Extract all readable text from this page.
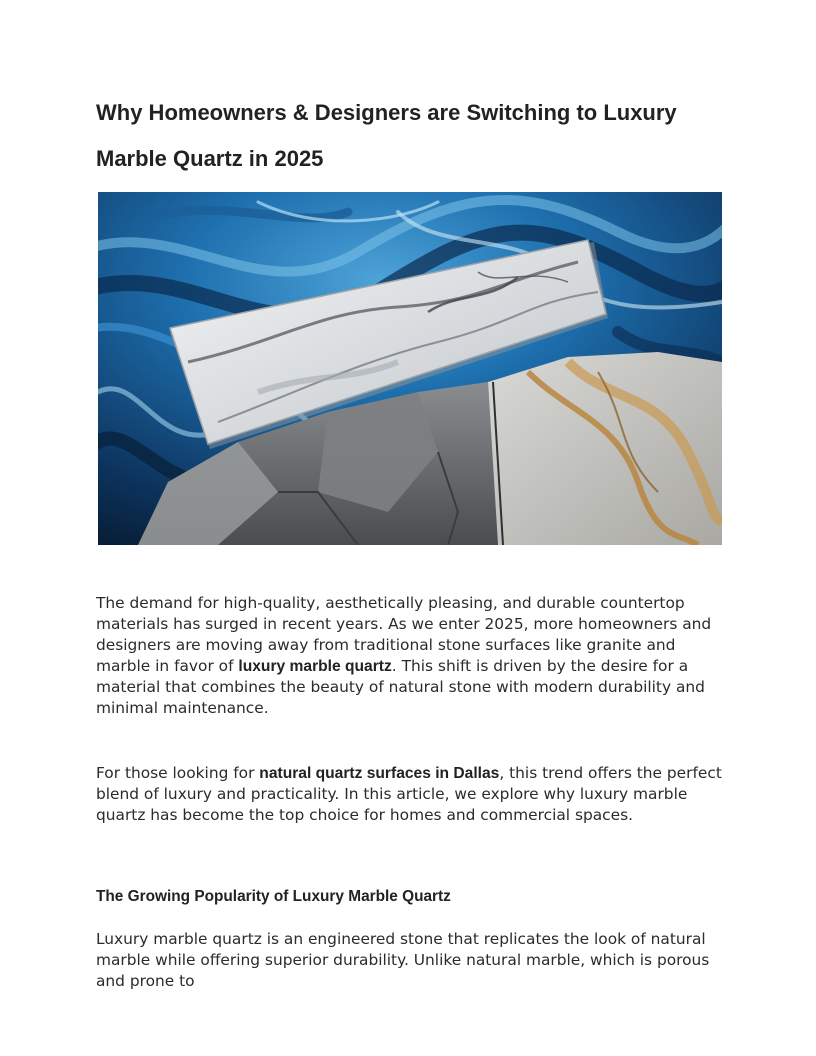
Why Homeowners & Designers are Switching to Luxury Marble Quartz in 2025

The demand for high-quality, aesthetically pleasing, and durable countertop materials has surged in recent years. As we enter 2025, more homeowners and designers are moving away from traditional stone surfaces like granite and marble in favor of luxury marble quartz. This shift is driven by the desire for a material that combines the beauty of natural stone with modern durability and minimal maintenance.

For those looking for natural quartz surfaces in Dallas, this trend offers the perfect blend of luxury and practicality. In this article, we explore why luxury marble quartz has become the top choice for homes and commercial spaces.

The Growing Popularity of Luxury Marble Quartz

Luxury marble quartz is an engineered stone that replicates the look of natural marble while offering superior durability. Unlike natural marble, which is porous and prone to
